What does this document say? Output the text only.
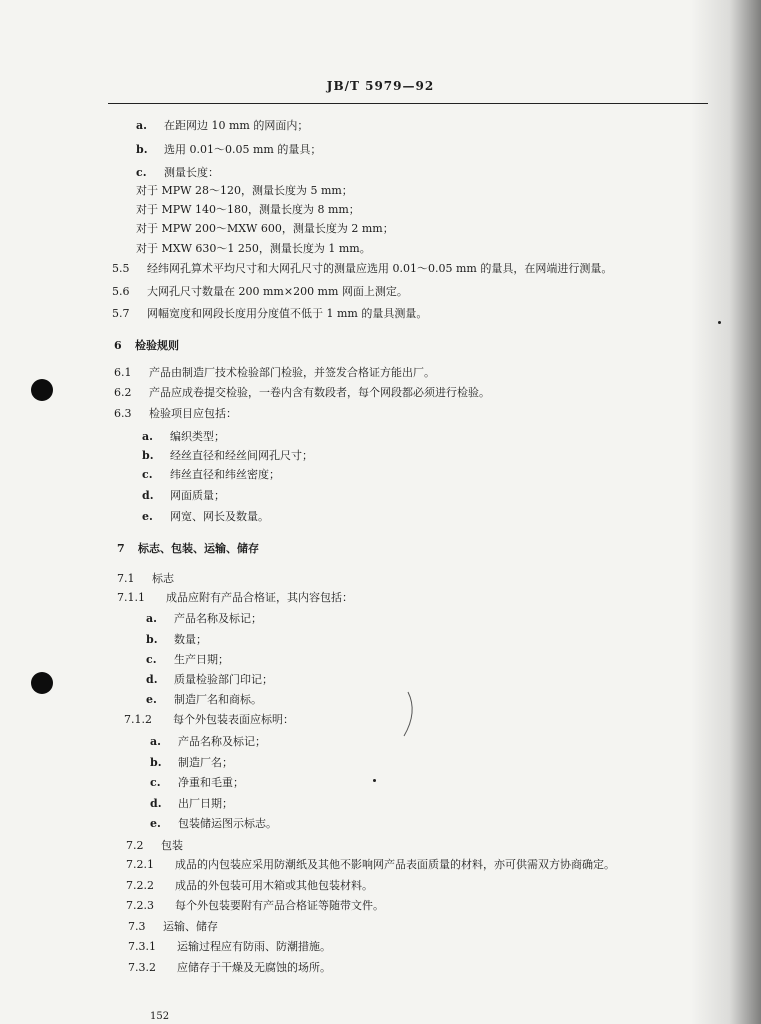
JB/T 5979—92
a. 在距网边 10 mm 的网面内；
b. 选用 0.01～0.05 mm 的量具；
c. 测量长度：
对于 MPW 28～120，测量长度为 5 mm；
对于 MPW 140～180，测量长度为 8 mm；
对于 MPW 200～MXW 600，测量长度为 2 mm；
对于 MXW 630～1 250，测量长度为 1 mm。
5.5 经纬网孔算术平均尺寸和大网孔尺寸的测量应选用 0.01～0.05 mm 的量具，在网端进行测量。
5.6 大网孔尺寸数量在 200 mm×200 mm 网面上测定。
5.7 网幅宽度和网段长度用分度值不低于 1 mm 的量具测量。
6 检验规则
6.1 产品由制造厂技术检验部门检验，并签发合格证方能出厂。
6.2 产品应成卷提交检验，一卷内含有数段者，每个网段都必须进行检验。
6.3 检验项目应包括：
a. 编织类型；
b. 经丝直径和经丝间网孔尺寸；
c. 纬丝直径和纬丝密度；
d. 网面质量；
e. 网宽、网长及数量。
7 标志、包装、运输、储存
7.1 标志
7.1.1 成品应附有产品合格证，其内容包括：
a. 产品名称及标记；
b. 数量；
c. 生产日期；
d. 质量检验部门印记；
e. 制造厂名和商标。
7.1.2 每个外包装表面应标明：
a. 产品名称及标记；
b. 制造厂名；
c. 净重和毛重；
d. 出厂日期；
e. 包装储运图示标志。
7.2 包装
7.2.1 成品的内包装应采用防潮纸及其他不影响网产品表面质量的材料，亦可供需双方协商确定。
7.2.2 成品的外包装可用木箱或其他包装材料。
7.2.3 每个外包装要附有产品合格证等随带文件。
7.3 运输、储存
7.3.1 运输过程应有防雨、防潮措施。
7.3.2 应储存于干燥及无腐蚀的场所。
152
